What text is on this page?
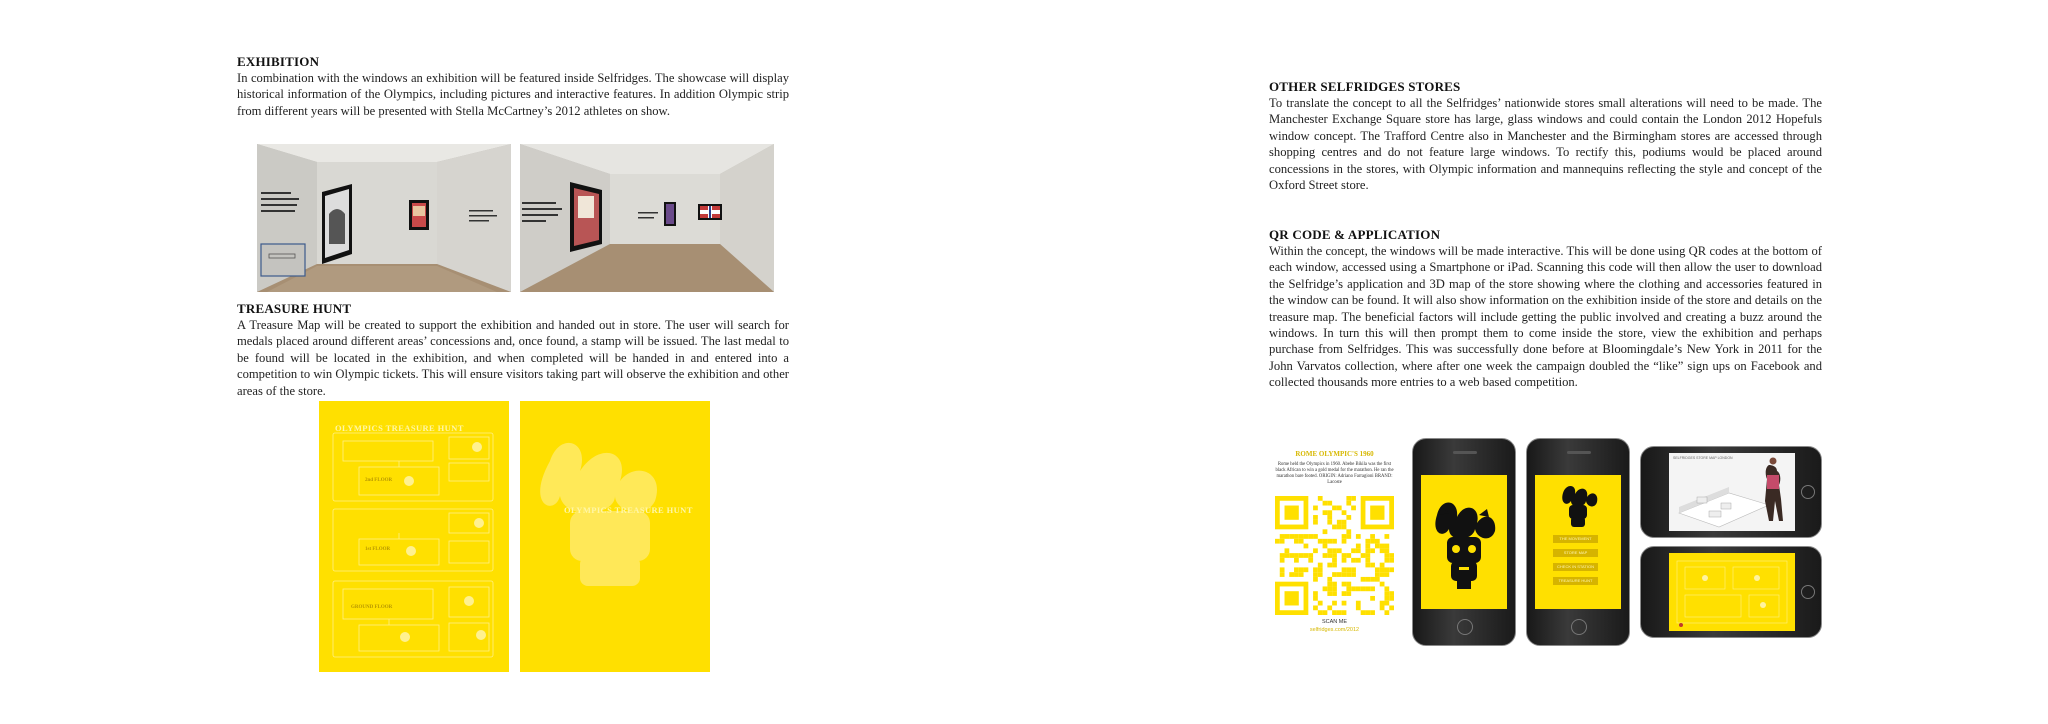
EXHIBITION

In combination with the windows an exhibition will be featured inside Selfridges. The showcase will display historical information of the Olympics, including pictures and interactive features. In addition Olympic strip from different years will be presented with Stella McCartney’s 2012 athletes on show.

TREASURE HUNT

A Treasure Map will be created to support the exhibition and handed out in store. The user will search for medals placed around different areas’ concessions and, once found, a stamp will be issued. The last medal to be found will be located in the exhibition, and when completed will be handed in and entered into a competition to win Olympic tickets. This will ensure visitors taking part will observe the exhibition and other areas of the store.

OLYMPICS TREASURE HUNT
2nd FLOOR
1st FLOOR
GROUND FLOOR
OLYMPICS TREASURE HUNT
OTHER SELFRIDGES STORES

To translate the concept to all the Selfridges’ nationwide stores small alterations will need to be made. The Manchester Exchange Square store has large, glass windows and could contain the London 2012 Hopefuls window concept. The Trafford Centre also in Manchester and the Birmingham stores are accessed through shopping centres and do not feature large windows. To rectify this, podiums would be placed around concessions in the stores, with Olympic information and mannequins reflecting the style and concept of the Oxford Street store.

QR CODE & APPLICATION

Within the concept, the windows will be made interactive. This will be done using QR codes at the bottom of each window, accessed using a Smartphone or iPad. Scanning this code will then allow the user to download the Selfridge’s application and 3D map of the store showing where the clothing and accessories featured in the window can be found. It will also show information on the exhibition inside of the store and details on the treasure map. The beneficial factors will include getting the public involved and creating a buzz around the windows. In turn this will then prompt them to come inside the store, view the exhibition and perhaps purchase from Selfridges. This was successfully done before at Bloomingdale’s New York in 2011 for the John Varvatos collection, where after one week the campaign doubled the “like” sign ups on Facebook and collected thousands more entries to a web based competition.

ROME OLYMPIC'S 1960
Rome held the Olympics in 1960. Abebe Bikila was the first black African to win a gold medal for the marathon. He ran the marathon bare footed. ORIGIN: Adriano Farragioni BRAND: Lacoste
SCAN ME
selfridges.com/2012
THE MOVEMENT
STORE MAP
CHECK IN STATION
TREASURE HUNT
SELFRIDGES STORE MAP LONDON
